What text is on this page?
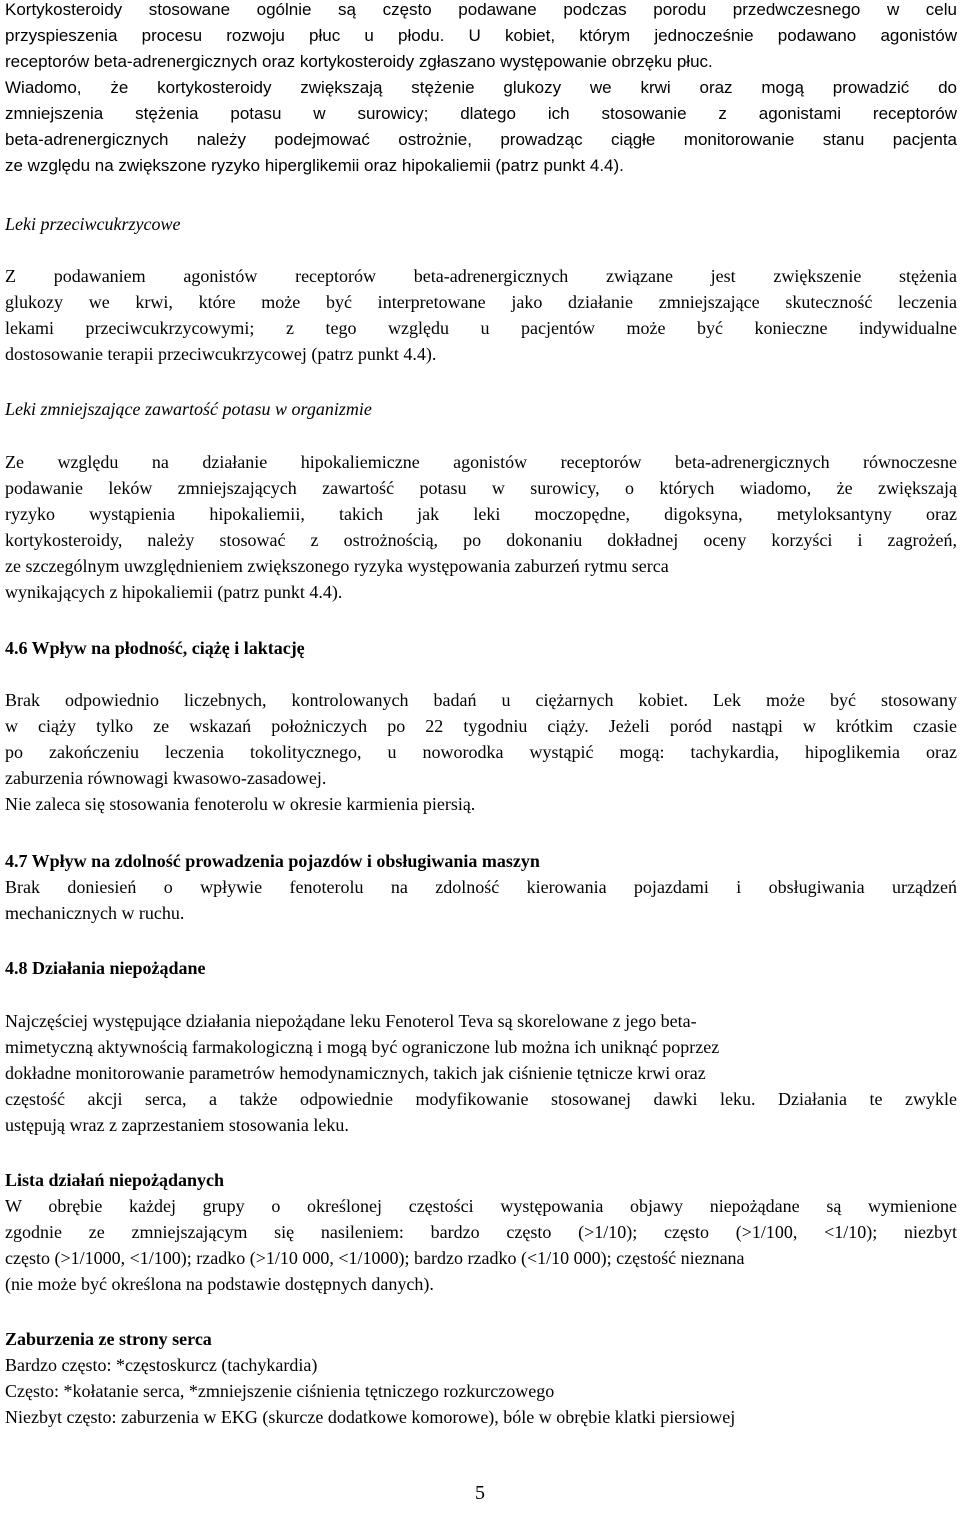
Kortykosteroidy stosowane ogólnie są często podawane podczas porodu przedwczesnego w celu
przyspieszenia procesu rozwoju płuc u płodu. U kobiet, którym jednocześnie podawano agonistów
receptorów beta-adrenergicznych oraz kortykosteroidy zgłaszano występowanie obrzęku płuc.
Wiadomo, że kortykosteroidy zwiększają stężenie glukozy we krwi oraz mogą prowadzić do
zmniejszenia stężenia potasu w surowicy; dlatego ich stosowanie z agonistami receptorów
beta-adrenergicznych należy podejmować ostrożnie, prowadząc ciągłe monitorowanie stanu pacjenta
ze względu na zwiększone ryzyko hiperglikemii oraz hipokaliemii (patrz punkt 4.4).
Leki przeciwcukrzycowe
Z podawaniem agonistów receptorów beta-adrenergicznych związane jest zwiększenie stężenia
glukozy we krwi, które może być interpretowane jako działanie zmniejszające skuteczność leczenia
lekami przeciwcukrzycowymi; z tego względu u pacjentów może być konieczne indywidualne
dostosowanie terapii przeciwcukrzycowej (patrz punkt 4.4).
Leki zmniejszające zawartość potasu w organizmie
Ze względu na działanie hipokaliemiczne agonistów receptorów beta-adrenergicznych równoczesne
podawanie leków zmniejszających zawartość potasu w surowicy, o których wiadomo, że zwiększają
ryzyko wystąpienia hipokaliemii, takich jak leki moczopędne, digoksyna, metyloksantyny oraz
kortykosteroidy, należy stosować z ostrożnością, po dokonaniu dokładnej oceny korzyści i zagrożeń,
ze szczególnym uwzględnieniem zwiększonego ryzyka występowania zaburzeń rytmu serca
wynikających z hipokaliemii (patrz punkt 4.4).
4.6 Wpływ na płodność, ciążę i laktację
Brak odpowiednio liczebnych, kontrolowanych badań u ciężarnych kobiet. Lek może być stosowany
w ciąży tylko ze wskazań położniczych po 22 tygodniu ciąży. Jeżeli poród nastąpi w krótkim czasie
po zakończeniu leczenia tokolitycznego, u noworodka wystąpić mogą: tachykardia, hipoglikemia oraz
zaburzenia równowagi kwasowo-zasadowej.
Nie zaleca się stosowania fenoterolu w okresie karmienia piersią.
4.7 Wpływ na zdolność prowadzenia pojazdów i obsługiwania maszyn
Brak doniesień o wpływie fenoterolu na zdolność kierowania pojazdami i obsługiwania urządzeń
mechanicznych w ruchu.
4.8 Działania niepożądane
Najczęściej występujące działania niepożądane leku Fenoterol Teva są skorelowane z jego beta-
mimetyczną aktywnością farmakologiczną i mogą być ograniczone lub można ich uniknąć poprzez
dokładne monitorowanie parametrów hemodynamicznych, takich jak ciśnienie tętnicze krwi oraz
częstość akcji serca, a także odpowiednie modyfikowanie stosowanej dawki leku. Działania te zwykle
ustępują wraz z zaprzestaniem stosowania leku.
Lista działań niepożądanych
W obrębie każdej grupy o określonej częstości występowania objawy niepożądane są wymienione
zgodnie ze zmniejszającym się nasileniem: bardzo często (>1/10); często (>1/100, <1/10); niezbyt
często (>1/1000, <1/100); rzadko (>1/10 000, <1/1000); bardzo rzadko (<1/10 000); częstość nieznana
(nie może być określona na podstawie dostępnych danych).
Zaburzenia ze strony serca
Bardzo często: *częstoskurcz (tachykardia)
Często: *kołatanie serca, *zmniejszenie ciśnienia tętniczego rozkurczowego
Niezbyt często: zaburzenia w EKG (skurcze dodatkowe komorowe), bóle w obrębie klatki piersiowej
5
